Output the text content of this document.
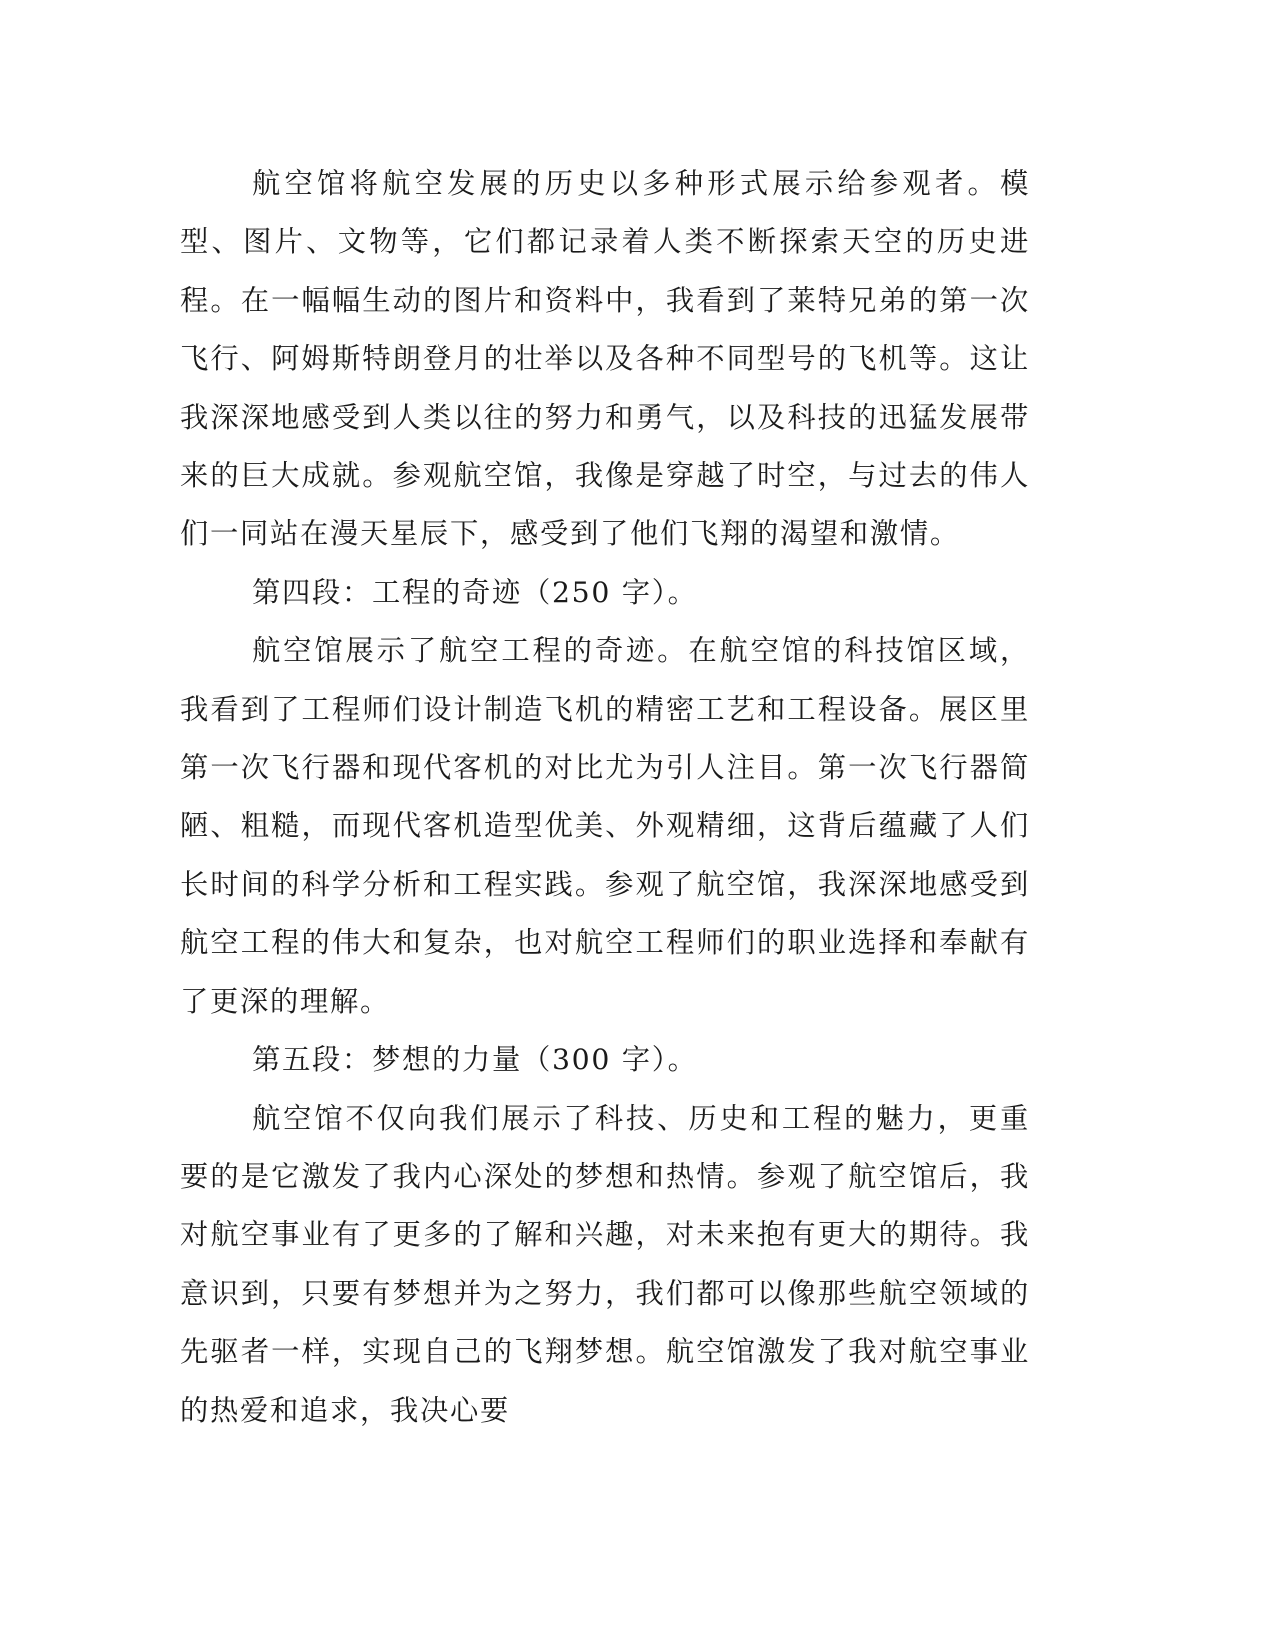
航空馆将航空发展的历史以多种形式展示给参观者。模型、图片、文物等，它们都记录着人类不断探索天空的历史进程。在一幅幅生动的图片和资料中，我看到了莱特兄弟的第一次飞行、阿姆斯特朗登月的壮举以及各种不同型号的飞机等。这让我深深地感受到人类以往的努力和勇气，以及科技的迅猛发展带来的巨大成就。参观航空馆，我像是穿越了时空，与过去的伟人们一同站在漫天星辰下，感受到了他们飞翔的渴望和激情。

第四段：工程的奇迹（250 字）。

航空馆展示了航空工程的奇迹。在航空馆的科技馆区域，我看到了工程师们设计制造飞机的精密工艺和工程设备。展区里第一次飞行器和现代客机的对比尤为引人注目。第一次飞行器简陋、粗糙，而现代客机造型优美、外观精细，这背后蕴藏了人们长时间的科学分析和工程实践。参观了航空馆，我深深地感受到航空工程的伟大和复杂，也对航空工程师们的职业选择和奉献有了更深的理解。

第五段：梦想的力量（300 字）。

航空馆不仅向我们展示了科技、历史和工程的魅力，更重要的是它激发了我内心深处的梦想和热情。参观了航空馆后，我对航空事业有了更多的了解和兴趣，对未来抱有更大的期待。我意识到，只要有梦想并为之努力，我们都可以像那些航空领域的先驱者一样，实现自己的飞翔梦想。航空馆激发了我对航空事业的热爱和追求，我决心要
